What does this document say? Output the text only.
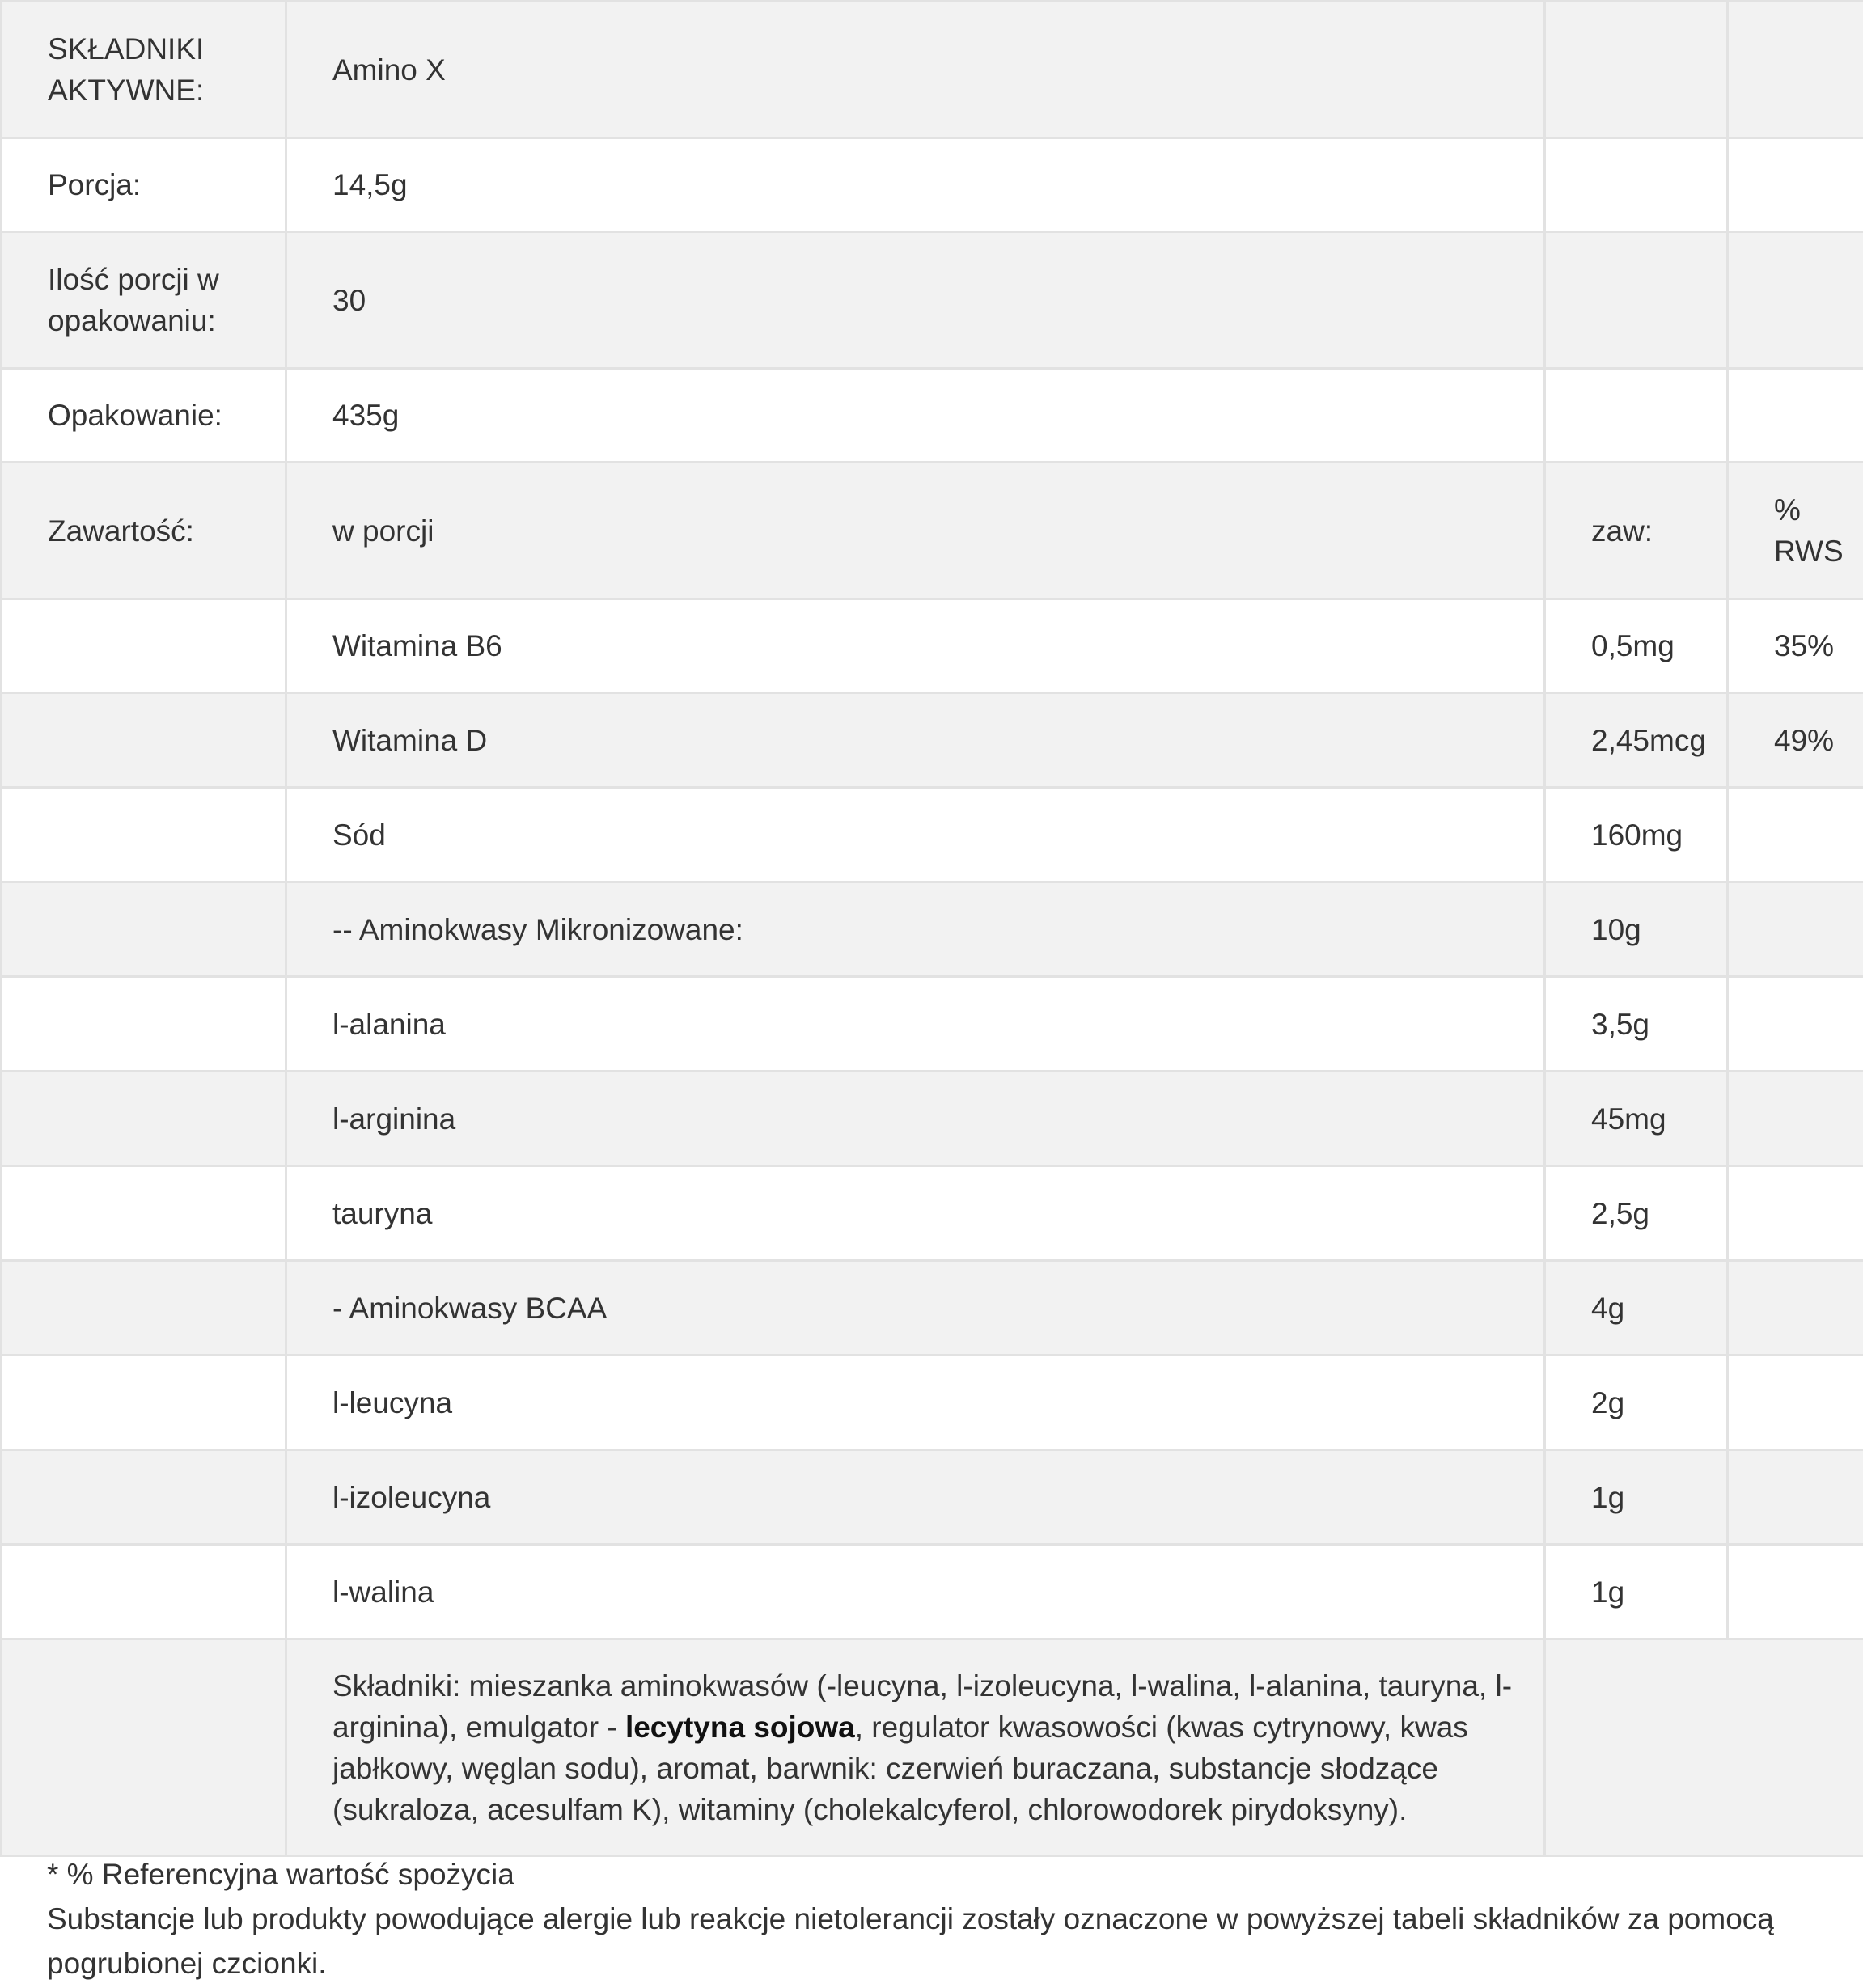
SKŁADNIKI AKTYWNE:	Amino X		
Porcja:	14,5g		
Ilość porcji w opakowaniu:	30		
Opakowanie:	435g		
Zawartość:	w porcji	zaw:	% RWS
	Witamina B6	0,5mg	35%
	Witamina D	2,45mcg	49%
	Sód	160mg	
	-- Aminokwasy Mikronizowane:	10g	
	l-alanina	3,5g	
	l-arginina	45mg	
	tauryna	2,5g	
	- Aminokwasy BCAA	4g	
	l-leucyna	2g	
	l-izoleucyna	1g	
	l-walina	1g	
	Składniki: mieszanka aminokwasów (-leucyna, l-izoleucyna, l-walina, l-alanina, tauryna, l-arginina), emulgator - lecytyna sojowa, regulator kwasowości (kwas cytrynowy, kwas jabłkowy, węglan sodu), aromat, barwnik: czerwień buraczana, substancje słodzące (sukraloza, acesulfam K), witaminy (cholekalcyferol, chlorowodorek pirydoksyny).		

* % Referencyjna wartość spożycia

Substancje lub produkty powodujące alergie lub reakcje nietolerancji zostały oznaczone w powyższej tabeli składników za pomocą pogrubionej czcionki.
